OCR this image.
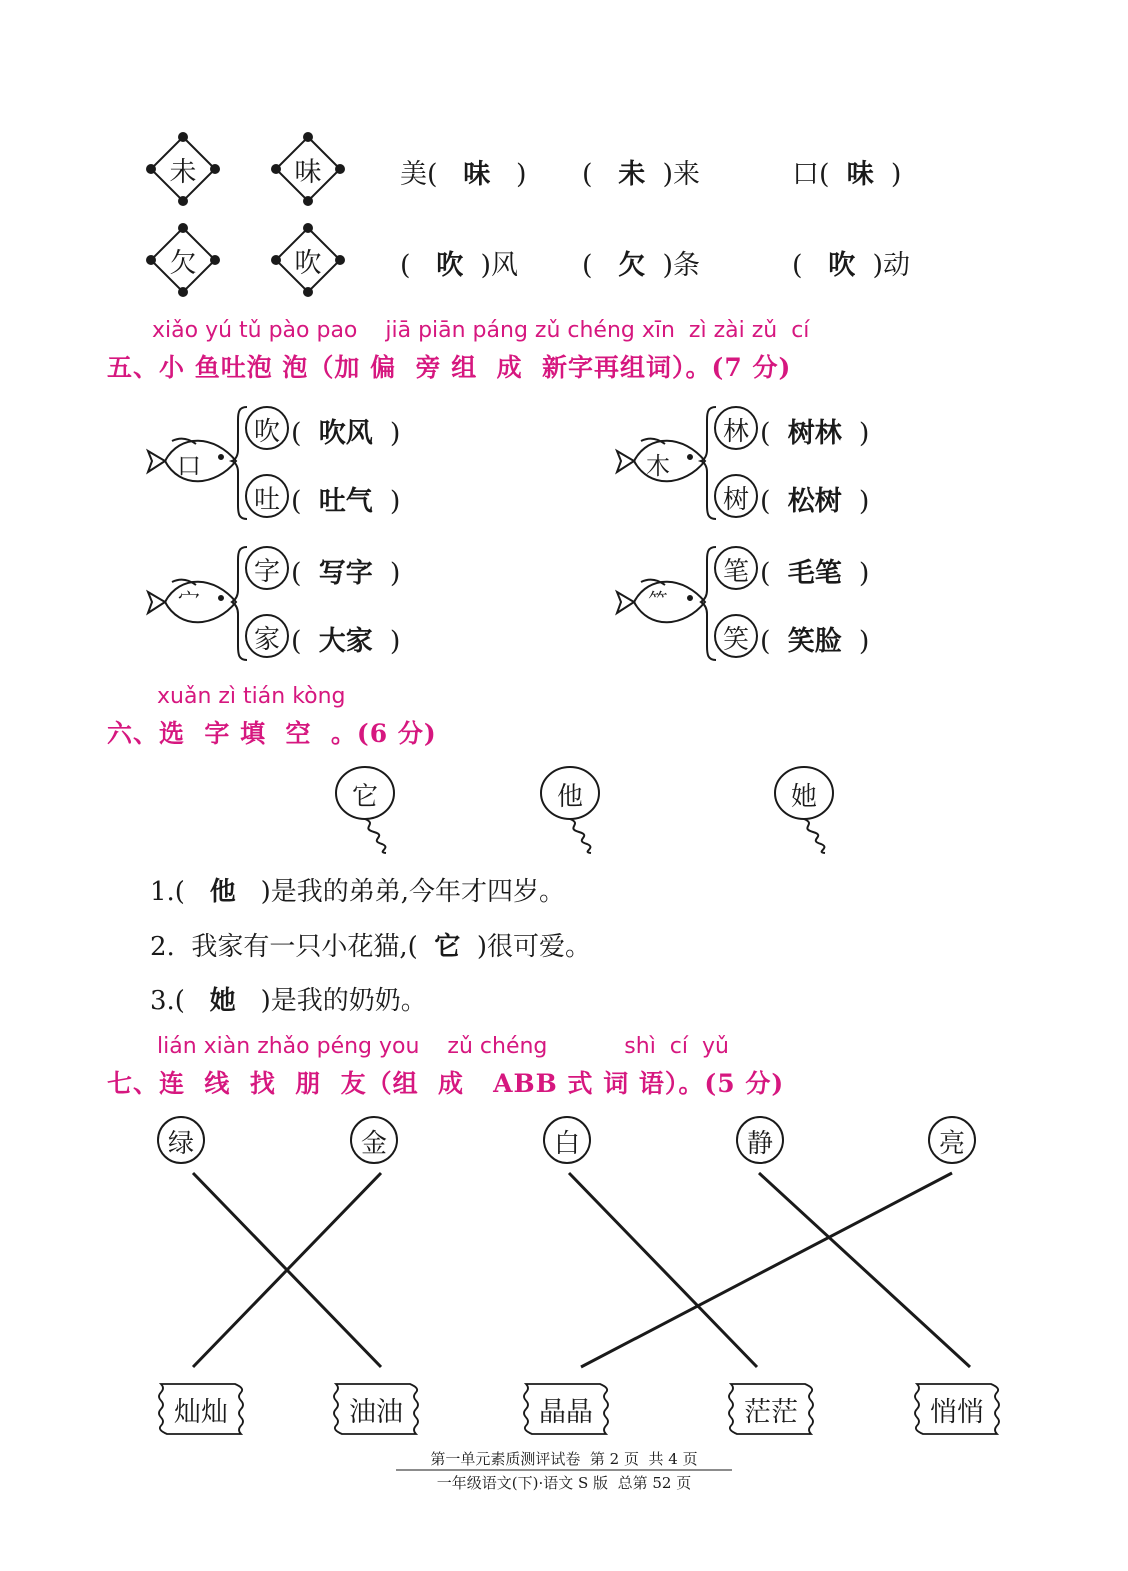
未	味
欠	吹
美( 味 ) ( 未 )来	口( 味 )
( 吹 )风 ( 欠 )条	( 吹 )动
xiǎo yú tǔ pào pao    jiā piān páng zǔ chéng xīn  zì zài zǔ  cí
五、小 鱼吐泡 泡（加 偏  旁 组  成  新字再组词）。(7 分)
口	木
宀	⺮
吹
吐
林
树
字
家
笔
笑
(  吹风  )
(  吐气  )
(  树林  )
(  松树  )
(  写字  )
(  大家  )
(  毛笔  )
(  笑脸  )
xuǎn zì tián kòng
六、选  字 填  空  。(6 分)
它	他	她
1.( 他 )是我的弟弟,今年才四岁。
2.  我家有一只小花猫,( 它 )很可爱。
3.( 她 )是我的奶奶。
lián xiàn zhǎo péng you    zǔ chéng           shì  cí  yǔ
七、连  线  找  朋  友（组  成   ABB 式 词 语）。(5 分)
绿	金	白	静	亮
灿灿	油油	晶晶	茫茫	悄悄
第一单元素质测评试卷  第 2 页  共 4 页
一年级语文(下)·语文 S 版  总第 52 页
